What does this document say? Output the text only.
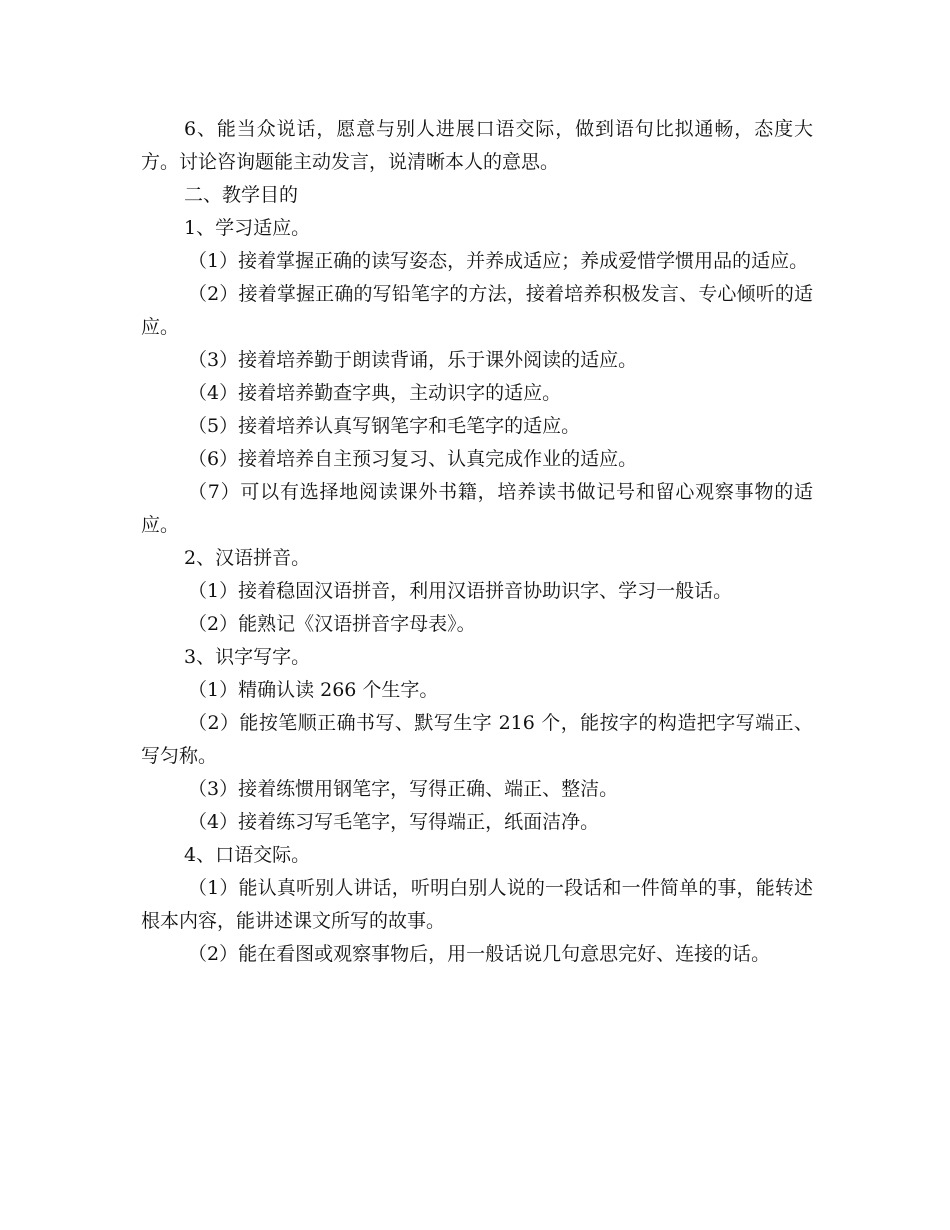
6、能当众说话，愿意与别人进展口语交际，做到语句比拟通畅，态度大方。讨论咨询题能主动发言，说清晰本人的意思。

二、教学目的

1、学习适应。

（1）接着掌握正确的读写姿态，并养成适应；养成爱惜学惯用品的适应。

（2）接着掌握正确的写铅笔字的方法，接着培养积极发言、专心倾听的适应。

（3）接着培养勤于朗读背诵，乐于课外阅读的适应。

（4）接着培养勤查字典，主动识字的适应。

（5）接着培养认真写钢笔字和毛笔字的适应。

（6）接着培养自主预习复习、认真完成作业的适应。

（7）可以有选择地阅读课外书籍，培养读书做记号和留心观察事物的适应。

2、汉语拼音。

（1）接着稳固汉语拼音，利用汉语拼音协助识字、学习一般话。

（2）能熟记《汉语拼音字母表》。

3、识字写字。

（1）精确认读 266 个生字。

（2）能按笔顺正确书写、默写生字 216 个，能按字的构造把字写端正、写匀称。

（3）接着练惯用钢笔字，写得正确、端正、整洁。

（4）接着练习写毛笔字，写得端正，纸面洁净。

4、口语交际。

（1）能认真听别人讲话，听明白别人说的一段话和一件简单的事，能转述根本内容，能讲述课文所写的故事。

（2）能在看图或观察事物后，用一般话说几句意思完好、连接的话。
